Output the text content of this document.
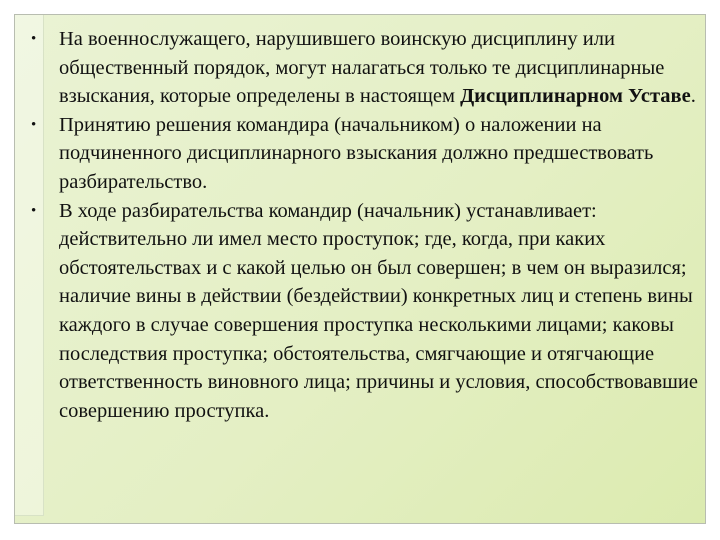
•	На военнослужащего, нарушившего воинскую дисциплину или общественный порядок, могут налагаться только те дисциплинарные взыскания, которые определены в настоящем Дисциплинарном Уставе.
•	Принятию решения командира (начальником) о наложении на подчиненного дисциплинарного взыскания должно предшествовать разбирательство.
•	В ходе разбирательства командир (начальник) устанавливает: действительно ли имел место проступок; где, когда, при каких обстоятельствах и с какой целью он был совершен; в чем он выразился; наличие вины в действии (бездействии) конкретных лиц и степень вины каждого в случае совершения проступка несколькими лицами; каковы последствия проступка; обстоятельства, смягчающие и отягчающие ответственность виновного лица; причины и условия, способствовавшие совершению проступка.
